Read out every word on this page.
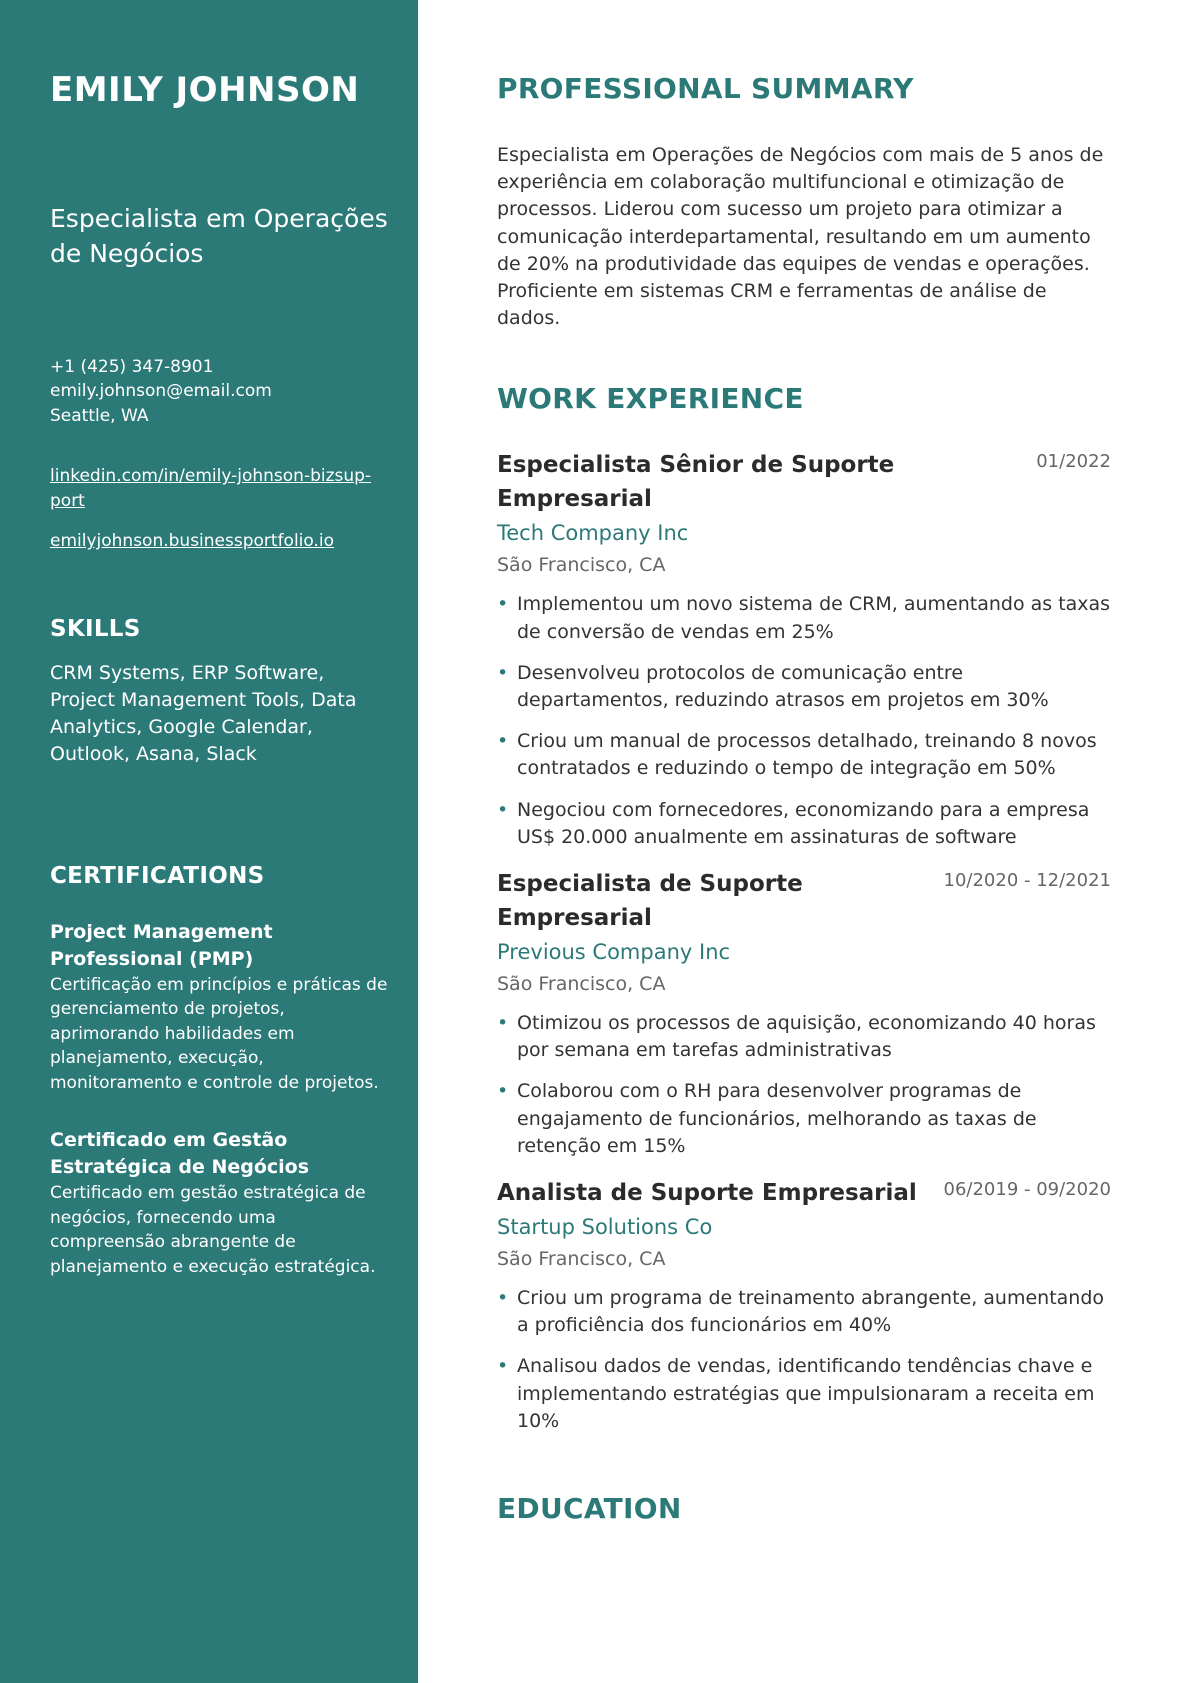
EMILY JOHNSON
Especialista em Operações de Negócios
+1 (425) 347-8901
emily.johnson@email.com
Seattle, WA
linkedin.com/in/emily-johnson-bizsup-port
emilyjohnson.businessportfolio.io
SKILLS
CRM Systems, ERP Software, Project Management Tools, Data Analytics, Google Calendar, Outlook, Asana, Slack
CERTIFICATIONS
Project Management Professional (PMP)
Certificação em princípios e práticas de gerenciamento de projetos, aprimorando habilidades em planejamento, execução, monitoramento e controle de projetos.
Certificado em Gestão Estratégica de Negócios
Certificado em gestão estratégica de negócios, fornecendo uma compreensão abrangente de planejamento e execução estratégica.
PROFESSIONAL SUMMARY

Especialista em Operações de Negócios com mais de 5 anos de experiência em colaboração multifuncional e otimização de processos. Liderou com sucesso um projeto para otimizar a comunicação interdepartamental, resultando em um aumento de 20% na produtividade das equipes de vendas e operações. Proficiente em sistemas CRM e ferramentas de análise de dados.

WORK EXPERIENCE
Especialista Sênior de Suporte Empresarial
01/2022
Tech Company Inc
São Francisco, CA
• Implementou um novo sistema de CRM, aumentando as taxas de conversão de vendas em 25%
• Desenvolveu protocolos de comunicação entre departamentos, reduzindo atrasos em projetos em 30%
• Criou um manual de processos detalhado, treinando 8 novos contratados e reduzindo o tempo de integração em 50%
• Negociou com fornecedores, economizando para a empresa US$ 20.000 anualmente em assinaturas de software
Especialista de Suporte Empresarial
10/2020 - 12/2021
Previous Company Inc
São Francisco, CA
• Otimizou os processos de aquisição, economizando 40 horas por semana em tarefas administrativas
• Colaborou com o RH para desenvolver programas de engajamento de funcionários, melhorando as taxas de retenção em 15%
Analista de Suporte Empresarial 06/2019 - 09/2020
Startup Solutions Co
São Francisco, CA
• Criou um programa de treinamento abrangente, aumentando a proficiência dos funcionários em 40%
• Analisou dados de vendas, identificando tendências chave e implementando estratégias que impulsionaram a receita em 10%
EDUCATION
